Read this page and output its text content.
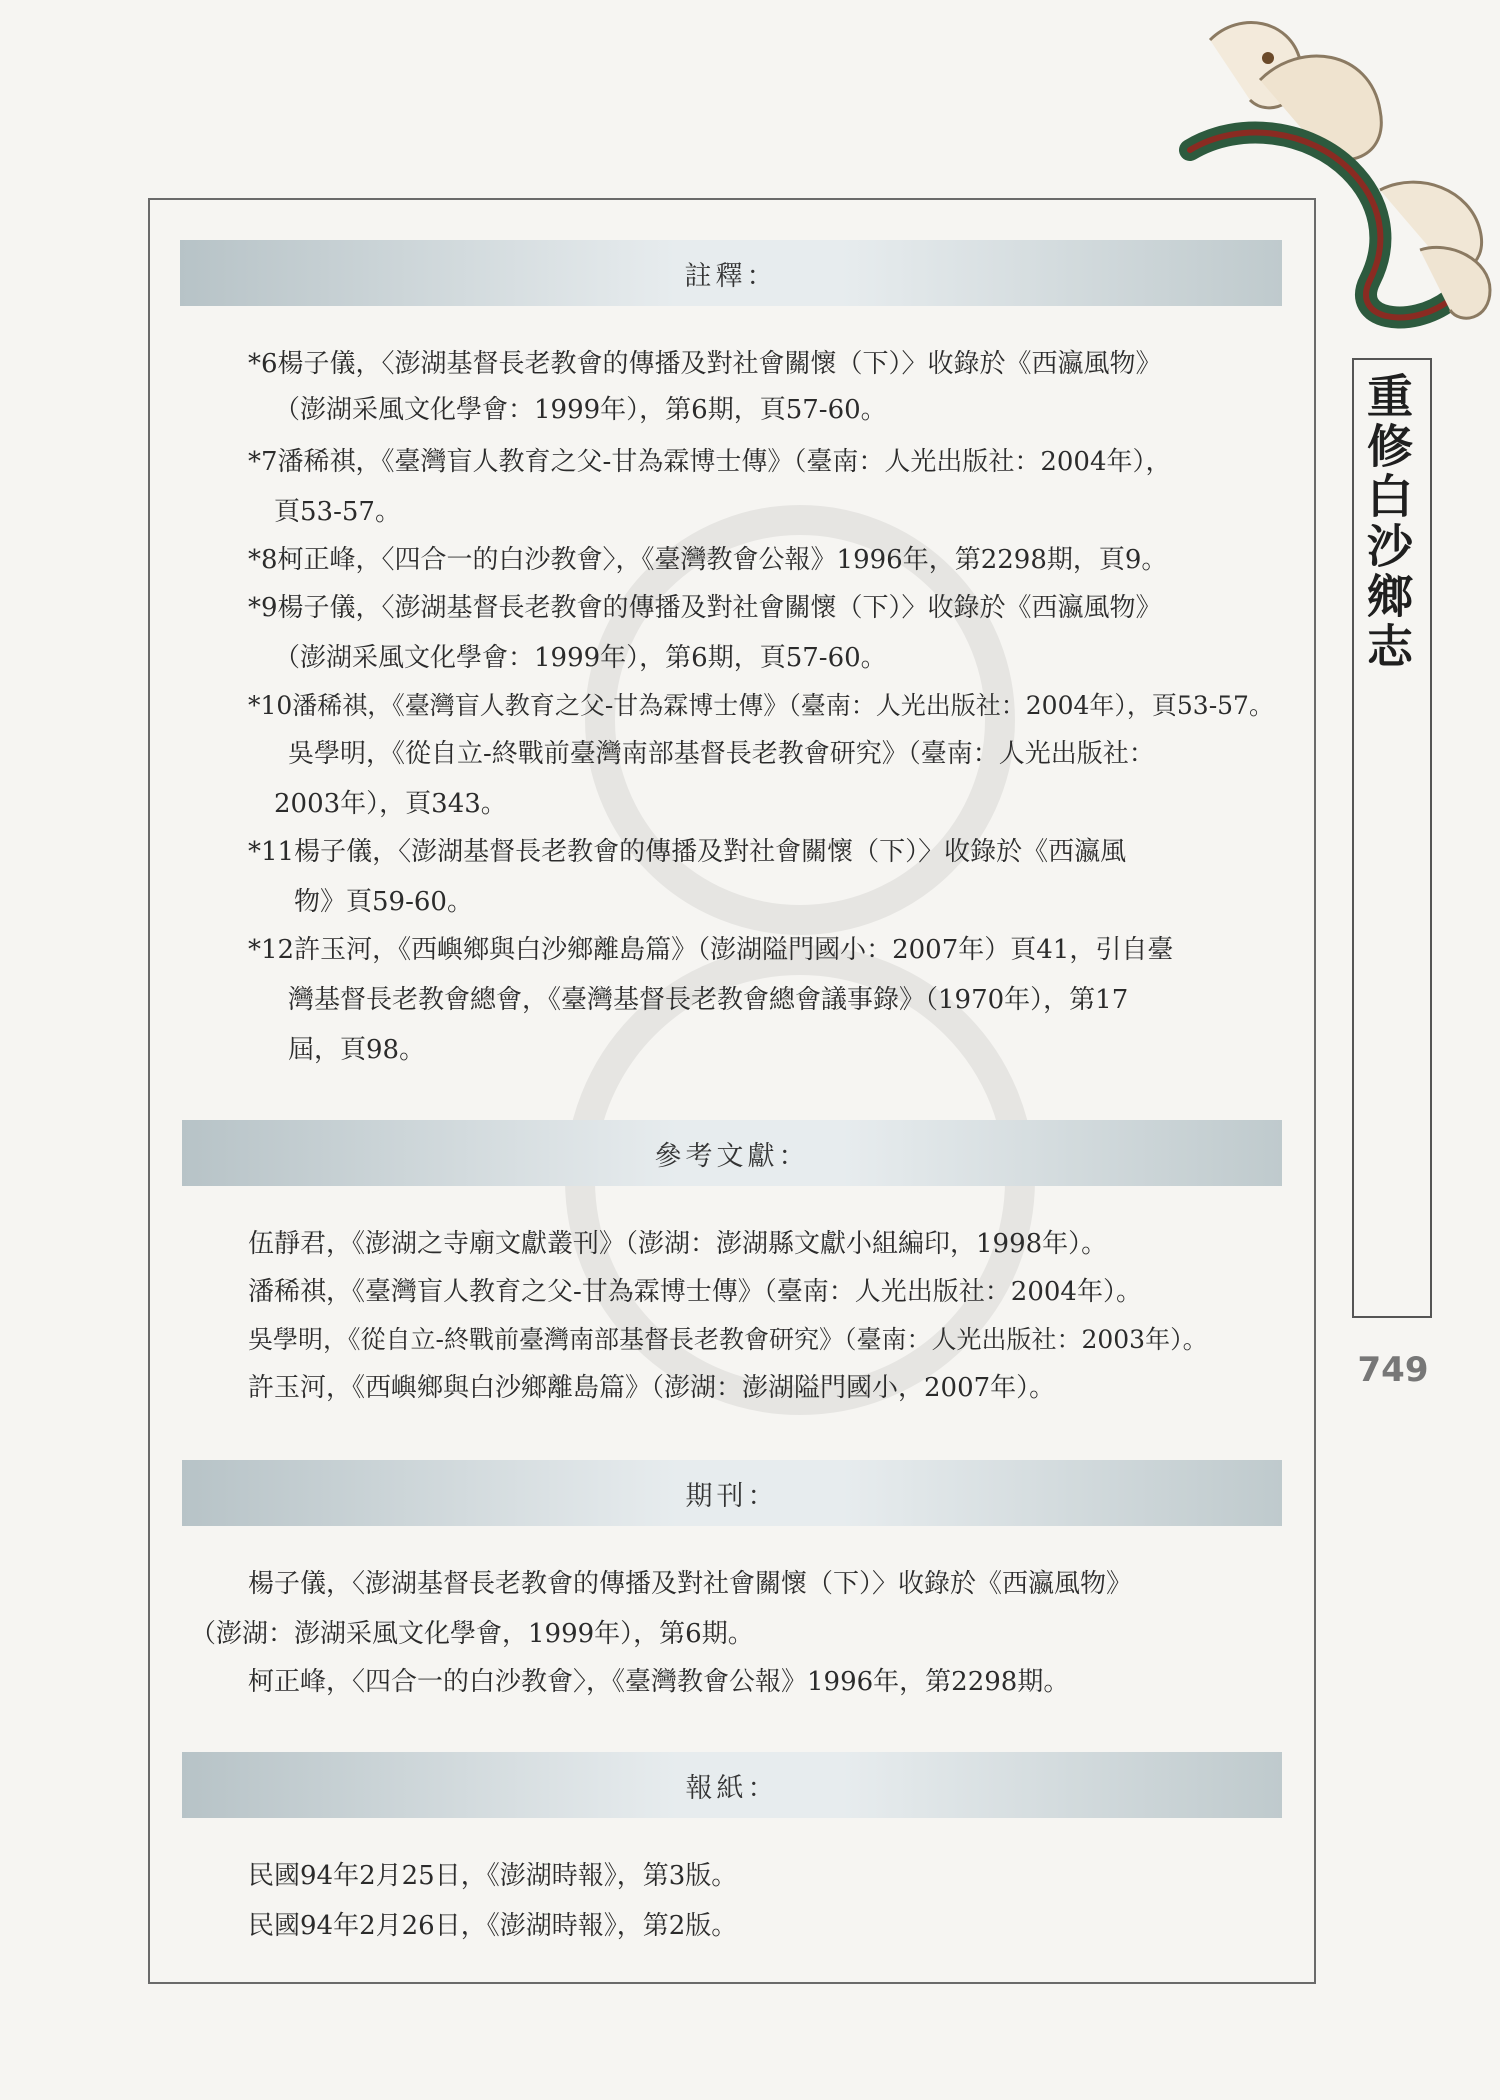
註釋：
*6楊子儀，〈澎湖基督長老教會的傳播及對社會關懷（下）〉收錄於《西瀛風物》
（澎湖采風文化學會：1999年），第6期，頁57-60。
*7潘稀祺，《臺灣盲人教育之父-甘為霖博士傳》（臺南：人光出版社：2004年），
頁53-57。
*8柯正峰，〈四合一的白沙教會〉，《臺灣教會公報》1996年，第2298期，頁9。
*9楊子儀，〈澎湖基督長老教會的傳播及對社會關懷（下）〉收錄於《西瀛風物》
（澎湖采風文化學會：1999年），第6期，頁57-60。
*10潘稀祺，《臺灣盲人教育之父-甘為霖博士傳》（臺南：人光出版社：2004年），頁53-57。
吳學明，《從自立-終戰前臺灣南部基督長老教會研究》（臺南：人光出版社：
2003年），頁343。
*11楊子儀，〈澎湖基督長老教會的傳播及對社會關懷（下）〉收錄於《西瀛風
物》頁59-60。
*12許玉河，《西嶼鄉與白沙鄉離島篇》（澎湖隘門國小：2007年）頁41，引自臺
灣基督長老教會總會，《臺灣基督長老教會總會議事錄》（1970年），第17
屆，頁98。
參考文獻：
伍靜君，《澎湖之寺廟文獻叢刊》（澎湖：澎湖縣文獻小組編印，1998年）。
潘稀祺，《臺灣盲人教育之父-甘為霖博士傳》（臺南：人光出版社：2004年）。
吳學明，《從自立-終戰前臺灣南部基督長老教會研究》（臺南：人光出版社：2003年）。
許玉河，《西嶼鄉與白沙鄉離島篇》（澎湖：澎湖隘門國小，2007年）。
期刊：
楊子儀，〈澎湖基督長老教會的傳播及對社會關懷（下）〉收錄於《西瀛風物》
（澎湖：澎湖采風文化學會，1999年），第6期。
柯正峰，〈四合一的白沙教會〉，《臺灣教會公報》1996年，第2298期。
報紙：
民國94年2月25日，《澎湖時報》，第3版。
民國94年2月26日，《澎湖時報》，第2版。
重修白沙鄉志
749
